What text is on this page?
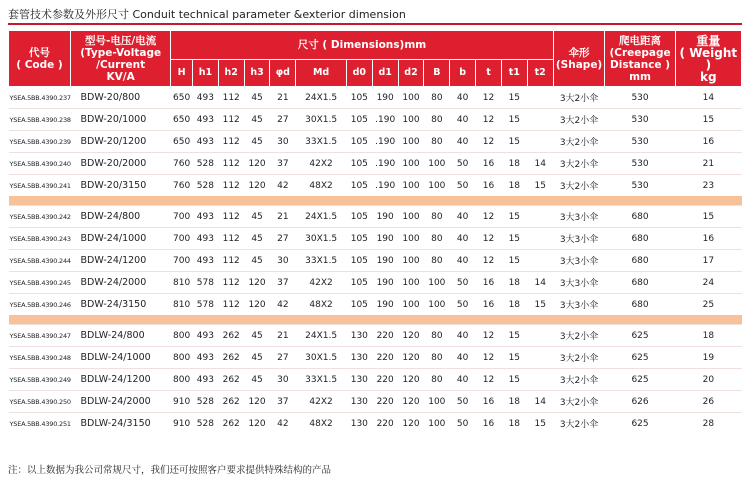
套管技术参数及外形尺寸 Conduit technical parameter &exterior dimension
代号
( Code )	型号-电压/电流
(Type-Voltage
/Current
KV/A	尺寸 ( Dimensions)mm														伞形
(Shape)	爬电距离
(Creepage
Distance )
mm	重量
( Weight )
kg
		H	h1	h2	h3	φd	Md	d0	d1	d2	B	b	t	t1	t2			
YSEA.5BB.4390.237	BDW-20/800	650	493	112	45	21	24X1.5	105	190	100	80	40	12	15		3大2小伞	530	14
YSEA.5BB.4390.238	BDW-20/1000	650	493	112	45	27	30X1.5	105	.190	100	80	40	12	15		3大2小伞	530	15
YSEA.5BB.4390.239	BDW-20/1200	650	493	112	45	30	33X1.5	105	.190	100	80	40	12	15		3大2小伞	530	16
YSEA.5BB.4390.240	BDW-20/2000	760	528	112	120	37	42X2	105	.190	100	100	50	16	18	14	3大2小伞	530	21
YSEA.5BB.4390.241	BDW-20/3150	760	528	112	120	42	48X2	105	.190	100	100	50	16	18	15	3大2小伞	530	23

YSEA.5BB.4390.242	BDW-24/800	700	493	112	45	21	24X1.5	105	190	100	80	40	12	15		3大3小伞	680	15
YSEA.5BB.4390.243	BDW-24/1000	700	493	112	45	27	30X1.5	105	190	100	80	40	12	15		3大3小伞	680	16
YSEA.5BB.4390.244	BDW-24/1200	700	493	112	45	30	33X1.5	105	190	100	80	40	12	15		3大3小伞	680	17
YSEA.5BB.4390.245	BDW-24/2000	810	578	112	120	37	42X2	105	190	100	100	50	16	18	14	3大3小伞	680	24
YSEA.5BB.4390.246	BDW-24/3150	810	578	112	120	42	48X2	105	190	100	100	50	16	18	15	3大3小伞	680	25

YSEA.5BB.4390.247	BDLW-24/800	800	493	262	45	21	24X1.5	130	220	120	80	40	12	15		3大2小伞	625	18
YSEA.5BB.4390.248	BDLW-24/1000	800	493	262	45	27	30X1.5	130	220	120	80	40	12	15		3大2小伞	625	19
YSEA.5BB.4390.249	BDLW-24/1200	800	493	262	45	30	33X1.5	130	220	120	80	40	12	15		3大2小伞	625	20
YSEA.5BB.4390.250	BDLW-24/2000	910	528	262	120	37	42X2	130	220	120	100	50	16	18	14	3大2小伞	626	26
YSEA.5BB.4390.251	BDLW-24/3150	910	528	262	120	42	48X2	130	220	120	100	50	16	18	15	3大2小伞	625	28
注：以上数据为我公司常规尺寸，我们还可按照客户要求提供特殊结构的产品
